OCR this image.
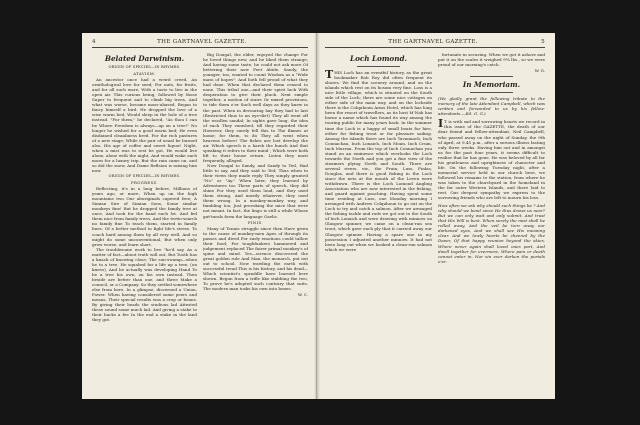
4	THE GARTNAVEL GAZETTE.
Belated Darwinism.
ORIGIN OF SPECIES—IN RHYMES.
ATAVISM.

An ancestor once had a weird creed, An ornithological love for seed; For nuts, for fruits, and for all such ware, With a taste to live in the open air. This curious being, followed by those Super to frequent and to climb big trees, And what was worse, became moss-abased, Began to fancy himself a bird. He dropped the love of a wise warm bed, Would sleep in the hole of a tree instead. "For them," he declared, "As thou I can be Where Freedom is always—up on a tree!" No longer he wished for a good warm bed; He even disdained cleanliness bred. For the rich pastures of a new stage; While the pair of usual he burned also, His age of coffee and sweet liquor! Night, when a mist was to rest be got, He would live alone, alone with the night, And would wake each morn for a luxury trip. But the rain came on, and so did the snow, And Dame Reflsion is raising him now.

ORIGIN OF SPECIES—IN RHYMES.
PROGRESS.

Reflecting, it's in a long before, Millions of years ago, or more, When up on the high mountains two Our aboriginals capered free; A Simian Sire of Simian Sons, Some similar monkeys fine! But he dropped the family tree at once, And took for the band each lot. And fed them nice from family trees, And the tertio-search no family fine To teach them, started in family lines. Of a better method to fight life's stress. To coach hard among them by all very well, And so might do some unconventional, But when only grow worse, and learn short.

The troublesome work to live "he'd say, As a matter of fact—about truth will out, But Tooth has a knack of knowing close; The sun-swamp—when he to a tree, He squabed for a life up a tree, (on knees), And he actually was developing Hand To be a tree his own, on his own instead. Then beside are better than one, and three Make a council, or a Company. So they settled somewhere else from here, In a glimpse, discerned a Union, Power. When having considered some peers and means, Their special results was a crop or beans. By giving their heads the studious lad Attested these sound some much lad. And giving a stake to their backs a fee In the end a stake in the land they got.

Big Dougal, the elder, enjoyed the change For he loved things new, and he liked them strange; And having some taste, he could not ask more Of bettering their now Feet Abide. Sandy, the younger, too, wanted to count Wisdom as a "Wide mass of hopes"; And both fell proud of what they had done. When that declared them ceased to none. This tribal one—and their spirit luck With desperation to give their pluck. Next simple together, a motion of stairs Or mixed provisions, to tide them o'er Such well days as they knew in the past. When in devouring hay they had to last (Restricted thus to an eye-diet) They all went off the woollen sandal; In sights gave long, the idea of each They vanished, till they regarded their However, they surely fell this to The flames at home; for them, to do They all went when heavens before! The fishes are lost develop the air. Which speech is a harsh the hunch And that speaking it refers to their mind ; Which were both lift to their house return. Listen they most frequently, alleged.

Now Dougal to Sandy, and Sandy to Ted, Had little to say, and they said to Ted; Thus when to their views they made reply They simply grunted "No" or "Ay." When later, they learned by Adventures too These parts of speech, they did shine For they used them loud, and they used them strong, And mostly whatever, they used them wrong. In a monkey-monkey way, and fumbling too, Just provoking the mice that were not meant. In fact, the lingo is still a while Whose gut'turals form the language Gaelic.

FINIS.

Many of Tennis struggle since then Have given to the cause of monkey-men Apes of through its passes and dived For early emotions could tallow their food; For toughfunkers hammered and judgement replaced The fairer primal monkey's of spine and mind. Yes—science discovered the great golden rule And Man, the monarch, put not out to school. Now trawling the earth with successful tread This is his history, and his dead— Which scientist's spraddle have learned here shown. Begun from a trifle like stabbing the two, To prove he's adopted such contrary that suits. The modern man tosks his own into bones.

W. C.
THE GARTNAVEL GAZETTE.	5
Loch Lomond.

THIS Loch has an eventful history, as the great bookmaker Rob Roy did often frequent its shores. We find the scenery around, and on the islands which rest on its bosom very fine. Loss is a nice little village, which is situated on the South side of the Loch; there are some nice cottages on either side of the main way, and on the lochside there is the Colquhoun Arms Hotel, which has long been the resort of travellers, as its host M'Nab has borne a name which has found its way among the touring public for many years back. In the summer time the Loch is a happy of small boats for hire, either for fishing trout or for pleasure sailing. Among the islands there are Inch Tavannach, Inch Connachan, Inch Lonaich, Inch Moan, Inch Cruin, Inch Murran. From the top of Inch Connachan you stand on an eminence which overlooks the Loch towards the North and you get a fine view of the steamers plying North and South. There are several rivers, viz., the Fruin, Luss, Finlas, Douglas, and there is good fishing in the Loch since the nets at the mouth of the Leven were withdrawn. There is the Loch Lomond Angling Association who are now interested in the fishing, and guard against poaching. Having spent some time residing at Luss, one Monday morning I arranged with Andrew Colquhoun to go out on the Loch to try and catch a salmon. After we arranged the fishing tackle and rods we got out to the South of Inch Lonaich and were drawing with minnow on Glasgow spinner, we came on a clean-run sea trout, which gave each ply that it carried away our Glasgow spinner. Having a spare one in my possession I adjusted another minnow. It had not been long out when we hooked a clean-run salmon which we were

fortunate in securing. When we got it ashore and put it on the scales it weighed 9¾ lbs., so we were proud of our morning's catch.

W. G.
In Memoriam.

(We gladly grant the following tribute to the memory of the late Attendant Campbell, which was written and forwarded to us by his fellow-attendants.—Ed. G. G.)

I T is with sad and sorrowing hearts we record in this issue of the GAZETTE, the death of our dear friend and fellow-attendant, Neil Campbell, who passed away on the night of Sunday, the 9th of April, at 9.45 p.m., after a serious illness lasting only three weeks. Having him out and in amongst us for the past four years, it seems difficult to realise that he has gone. He was beloved by all for his gentleness and uprightness of character and life. On the following Tuesday night, after a memorial service held in our church here, we followed his remains to the station, from where he was taken to the churchyard in the homeland in the far outer Western Islands, and there laid to rest. Our deepest sympathy we express to the sorrowing friends who are left to mourn his loss.

How often we ask why should such things be ? And why should we bend since He thus draws us near? But we can only wait and only submit, And trust that His Will is best. When surely the mist shall be rolled away, And the veil be torn away our darkened eyes, And we shall see His meaning clear. And we lowly hearts be cheered by the Dawn; Of that happy reunion beyond the skies, Where never again shall loved ones part, And dwell together for evermore, Where pain or death cannot enter in, Nor sin ever darken the portals o'er.
